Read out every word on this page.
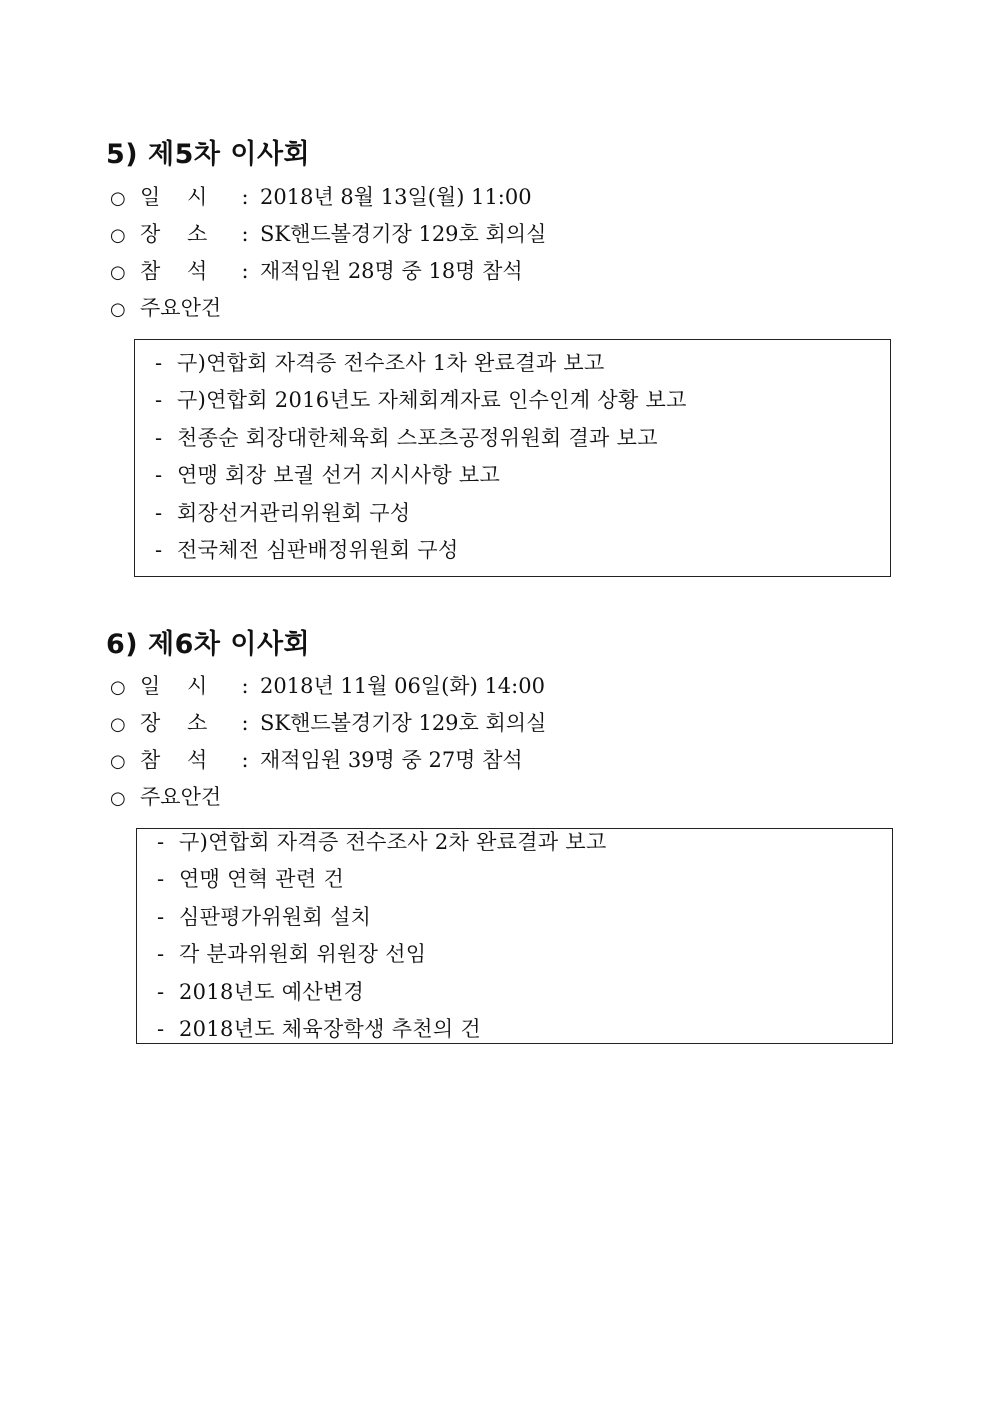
5) 제5차 이사회
○ 일    시 : 2018년 8월 13일(월) 11:00
○ 장    소 : SK핸드볼경기장 129호 회의실
○ 참    석 : 재적임원 28명 중 18명 참석
○ 주요안건
- 구)연합회 자격증 전수조사 1차 완료결과 보고
- 구)연합회 2016년도 자체회계자료 인수인계 상황 보고
- 천종순 회장대한체육회 스포츠공정위원회 결과 보고
- 연맹 회장 보궐 선거 지시사항 보고
- 회장선거관리위원회 구성
- 전국체전 심판배정위원회 구성
6) 제6차 이사회
○ 일    시 : 2018년 11월 06일(화) 14:00
○ 장    소 : SK핸드볼경기장 129호 회의실
○ 참    석 : 재적임원 39명 중 27명 참석
○ 주요안건
- 구)연합회 자격증 전수조사 2차 완료결과 보고
- 연맹 연혁 관련 건
- 심판평가위원회 설치
- 각 분과위원회 위원장 선임
- 2018년도 예산변경
- 2018년도 체육장학생 추천의 건
